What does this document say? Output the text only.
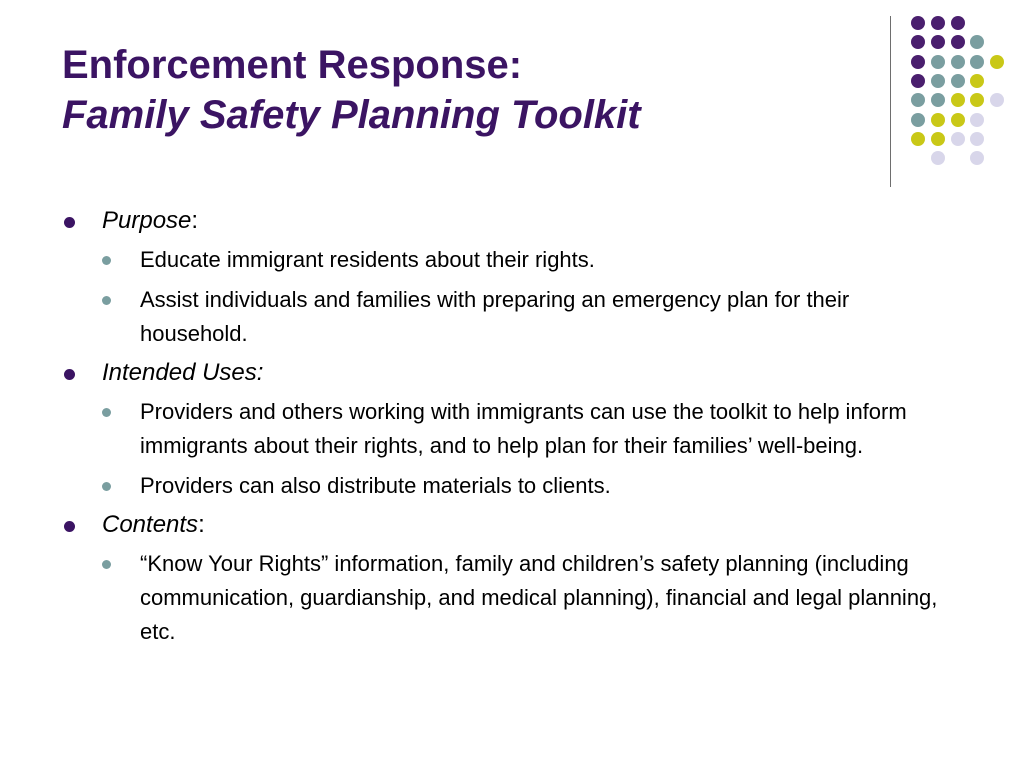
Enforcement Response:

Family Safety Planning Toolkit

Purpose:

Educate immigrant residents about their rights.

Assist individuals and families with preparing an emergency plan for their household.

Intended Uses:

Providers and others working with immigrants can use the toolkit to help inform immigrants about their rights, and to help plan for their families’ well-being.

Providers can also distribute materials to clients.

Contents:

“Know Your Rights” information, family and children’s safety planning (including communication, guardianship, and medical planning), financial and legal planning, etc.
